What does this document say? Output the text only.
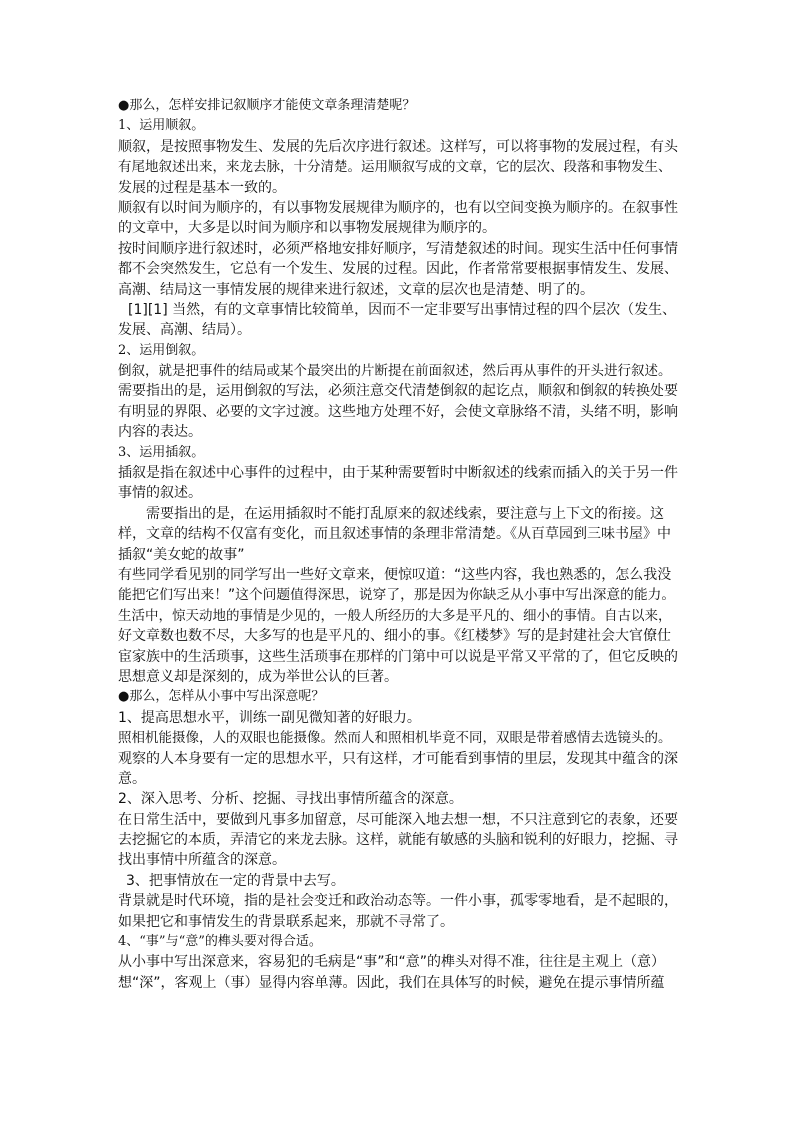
●那么，怎样安排记叙顺序才能使文章条理清楚呢？
1、运用顺叙。
顺叙，是按照事物发生、发展的先后次序进行叙述。这样写，可以将事物的发展过程，有头
有尾地叙述出来，来龙去脉，十分清楚。运用顺叙写成的文章，它的层次、段落和事物发生、
发展的过程是基本一致的。
顺叙有以时间为顺序的，有以事物发展规律为顺序的，也有以空间变换为顺序的。在叙事性
的文章中，大多是以时间为顺序和以事物发展规律为顺序的。
按时间顺序进行叙述时，必须严格地安排好顺序，写清楚叙述的时间。现实生活中任何事情
都不会突然发生，它总有一个发生、发展的过程。因此，作者常常要根据事情发生、发展、
高潮、结局这一事情发展的规律来进行叙述，文章的层次也是清楚、明了的。
[1][1] 当然，有的文章事情比较简单，因而不一定非要写出事情过程的四个层次（发生、
发展、高潮、结局）。
2、运用倒叙。
倒叙，就是把事件的结局或某个最突出的片断提在前面叙述，然后再从事件的开头进行叙述。
需要指出的是，运用倒叙的写法，必须注意交代清楚倒叙的起讫点，顺叙和倒叙的转换处要
有明显的界限、必要的文字过渡。这些地方处理不好，会使文章脉络不清，头绪不明，影响
内容的表达。
3、运用插叙。
插叙是指在叙述中心事件的过程中，由于某种需要暂时中断叙述的线索而插入的关于另一件
事情的叙述。
需要指出的是，在运用插叙时不能打乱原来的叙述线索，要注意与上下文的衔接。这
样，文章的结构不仅富有变化，而且叙述事情的条理非常清楚。《从百草园到三味书屋》中
插叙“美女蛇的故事”
有些同学看见别的同学写出一些好文章来，便惊叹道：“这些内容，我也熟悉的，怎么我没
能把它们写出来！”这个问题值得深思，说穿了，那是因为你缺乏从小事中写出深意的能力。
生活中，惊天动地的事情是少见的，一般人所经历的大多是平凡的、细小的事情。自古以来，
好文章数也数不尽，大多写的也是平凡的、细小的事。《红楼梦》写的是封建社会大官僚仕
宦家族中的生活琐事，这些生活琐事在那样的门第中可以说是平常又平常的了，但它反映的
思想意义却是深刻的，成为举世公认的巨著。
●那么，怎样从小事中写出深意呢？
1、提高思想水平，训练一副见微知著的好眼力。
照相机能摄像，人的双眼也能摄像。然而人和照相机毕竟不同，双眼是带着感情去选镜头的。
观察的人本身要有一定的思想水平，只有这样，才可能看到事情的里层，发现其中蕴含的深
意。
2、深入思考、分析、挖掘、寻找出事情所蕴含的深意。
在日常生活中，要做到凡事多加留意，尽可能深入地去想一想，不只注意到它的表象，还要
去挖掘它的本质，弄清它的来龙去脉。这样，就能有敏感的头脑和锐利的好眼力，挖掘、寻
找出事情中所蕴含的深意。
3、把事情放在一定的背景中去写。
背景就是时代环境，指的是社会变迁和政治动态等。一件小事，孤零零地看，是不起眼的，
如果把它和事情发生的背景联系起来，那就不寻常了。
4、“事”与“意”的榫头要对得合适。
从小事中写出深意来，容易犯的毛病是“事”和“意”的榫头对得不准，往往是主观上（意）
想“深”，客观上（事）显得内容单薄。因此，我们在具体写的时候，避免在提示事情所蕴
